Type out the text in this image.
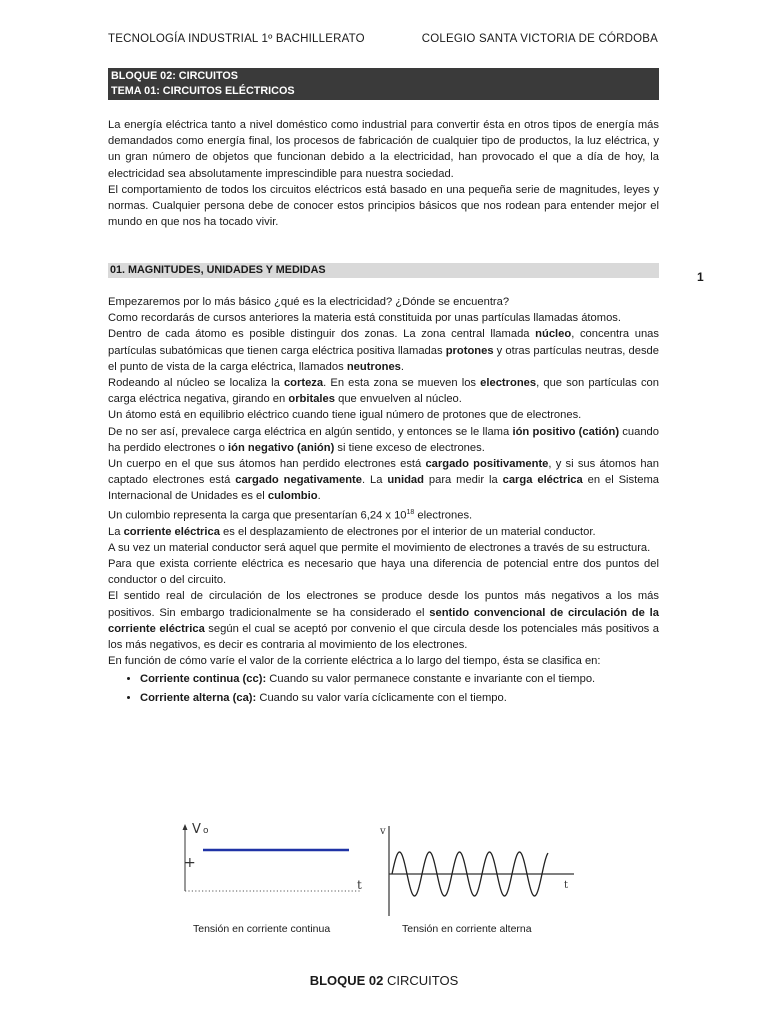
TECNOLOGÍA INDUSTRIAL 1º BACHILLERATO	COLEGIO SANTA VICTORIA DE CÓRDOBA
BLOQUE 02: CIRCUITOS
TEMA 01: CIRCUITOS ELÉCTRICOS

La energía eléctrica tanto a nivel doméstico como industrial para convertir ésta en otros tipos de energía más demandados como energía final, los procesos de fabricación de cualquier tipo de productos, la luz eléctrica, y un gran número de objetos que funcionan debido a la electricidad, han provocado el que a día de hoy, la electricidad sea absolutamente imprescindible para nuestra sociedad.

El comportamiento de todos los circuitos eléctricos está basado en una pequeña serie de magnitudes, leyes y normas. Cualquier persona debe de conocer estos principios básicos que nos rodean para entender mejor el mundo en que nos ha tocado vivir.

01. MAGNITUDES, UNIDADES Y MEDIDAS	1

Empezaremos por lo más básico ¿qué es la electricidad? ¿Dónde se encuentra?

Como recordarás de cursos anteriores la materia está constituida por unas partículas llamadas átomos.

Dentro de cada átomo es posible distinguir dos zonas. La zona central llamada núcleo, concentra unas partículas subatómicas que tienen carga eléctrica positiva llamadas protones y otras partículas neutras, desde el punto de vista de la carga eléctrica, llamados neutrones.

Rodeando al núcleo se localiza la corteza. En esta zona se mueven los electrones, que son partículas con carga eléctrica negativa, girando en orbitales que envuelven al núcleo.

Un átomo está en equilibrio eléctrico cuando tiene igual número de protones que de electrones.

De no ser así, prevalece carga eléctrica en algún sentido, y entonces se le llama ión positivo (catión) cuando ha perdido electrones o ión negativo (anión) si tiene exceso de electrones.

Un cuerpo en el que sus átomos han perdido electrones está cargado positivamente, y si sus átomos han captado electrones está cargado negativamente. La unidad para medir la carga eléctrica en el Sistema Internacional de Unidades es el culombio.

Un culombio representa la carga que presentarían 6,24 x $10^{18}$ electrones.

La corriente eléctrica es el desplazamiento de electrones por el interior de un material conductor.

A su vez un material conductor será aquel que permite el movimiento de electrones a través de su estructura.

Para que exista corriente eléctrica es necesario que haya una diferencia de potencial entre dos puntos del conductor o del circuito.

El sentido real de circulación de los electrones se produce desde los puntos más negativos a los más positivos. Sin embargo tradicionalmente se ha considerado el sentido convencional de circulación de la corriente eléctrica según el cual se aceptó por convenio el que circula desde los potenciales más positivos a los más negativos, es decir es contraria al movimiento de los electrones.

En función de cómo varíe el valor de la corriente eléctrica a lo largo del tiempo, ésta se clasifica en:

• Corriente continua (cc): Cuando su valor permanece constante e invariante con el tiempo.
• Corriente alterna (ca): Cuando su valor varía cíclicamente con el tiempo.
V o
+
t
v
t
Tensión en corriente continua	Tensión en corriente alterna
BLOQUE 02 CIRCUITOS
